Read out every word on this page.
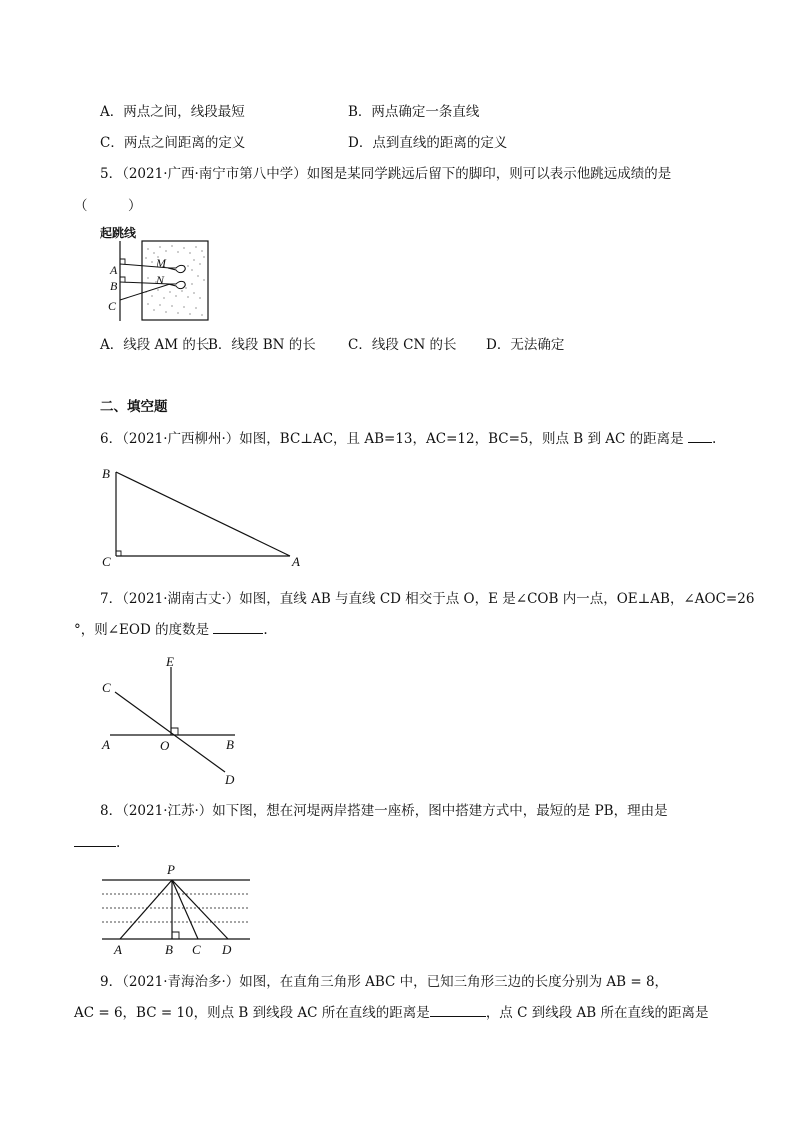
A．两点之间，线段最短	B．两点确定一条直线
C．两点之间距离的定义	D．点到直线的距离的定义
5．（2021·广西·南宁市第八中学）如图是某同学跳远后留下的脚印，则可以表示他跳远成绩的是
（　　　）
起跳线
A
B
C
M
N
A．线段 AM 的长
B．线段 BN 的长 C．线段 CN 的长 D．无法确定
二、填空题
6．（2021·广西柳州·）如图，BC⊥AC，且 AB=13，AC=12，BC=5，则点 B 到 AC 的距离是 .
B
C	A
7．（2021·湖南古丈·）如图，直线 AB 与直线 CD 相交于点 O，E 是∠COB 内一点，OE⊥AB，∠AOC=26
°，则∠EOD 的度数是	.
E
C
A	O	B
D
8．（2021·江苏·）如下图，想在河堤两岸搭建一座桥，图中搭建方式中，最短的是 PB，理由是
.
P
A	B C D
9．（2021·青海治多·）如图，在直角三角形 ABC 中，已知三角形三边的长度分别为 AB = 8，
AC = 6，BC = 10，则点 B 到线段 AC 所在直线的距离是	，点 C 到线段 AB 所在直线的距离是
